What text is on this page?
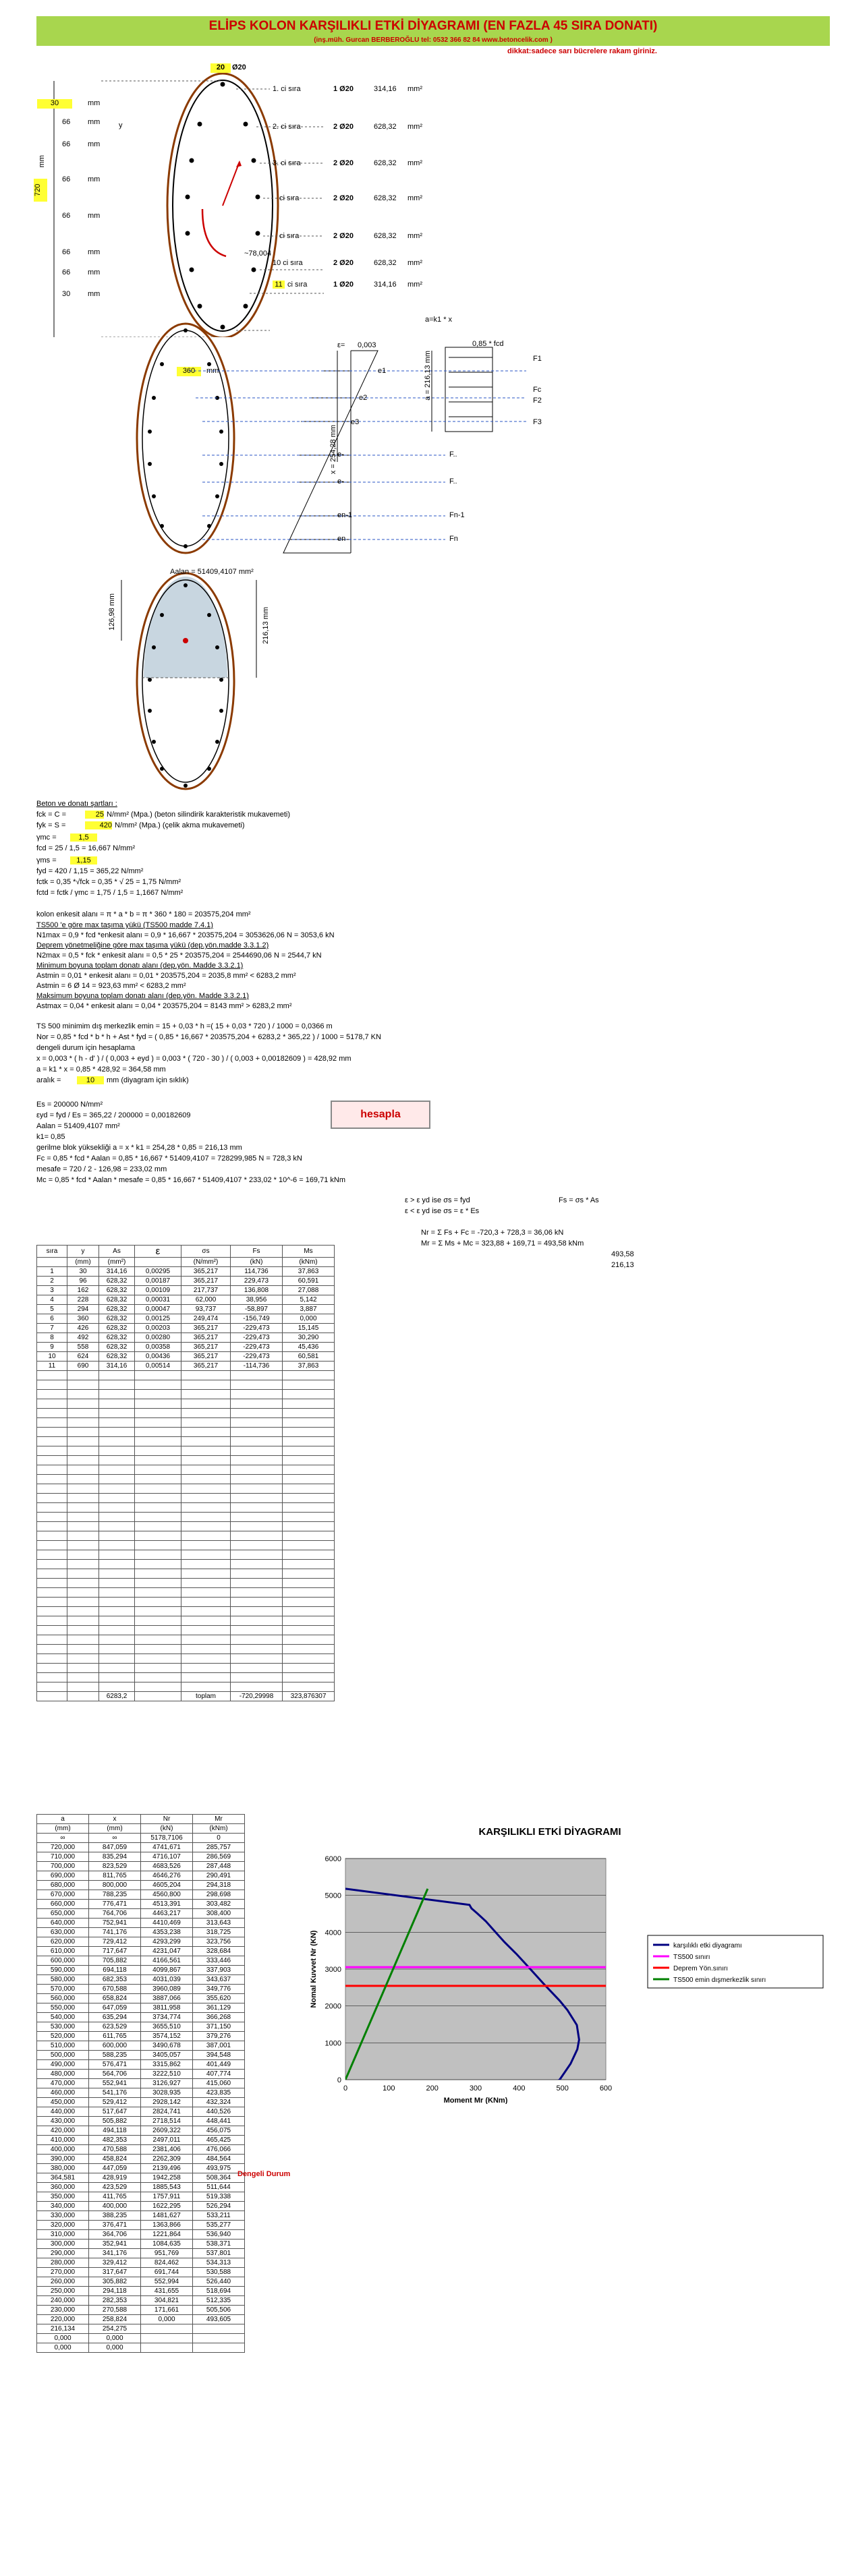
ELİPS KOLON KARŞILIKLI ETKİ DİYAGRAMI (EN FAZLA 45 SIRA DONATI)
(inş.müh. Gurcan BERBEROĞLU tel: 0532 366 82 84 www.betoncelik.com )
dikkat:sadece sarı bücrelere rakam giriniz.
20 Ø20
30	mm
66 mm	y
66 mm
66 mm
66 mm
66 mm
66 mm
30 mm
720
mm
360	mm
~78,004
1. ci sıra	1 Ø20	314,16 mm²
2. ci sıra	2 Ø20	628,32 mm²
3. ci sıra	2 Ø20	628,32 mm²
ci sıra	2 Ø20	628,32 mm²
ci sıra	2 Ø20	628,32 mm²
10 ci sıra	2 Ø20	628,32 mm²
11 ci sıra	1 Ø20	314,16 mm²
a=k1 * x
ε= 0,003	0,85 * fcd
x = 254,28 mm
a = 216,13 mm
e1
e2
e3
e-
e-
en-1
en
F1
Fc
F2
F3
F..
F..
Fn-1
Fn
Aalan = 51409,4107 mm²
126,98 mm	216,13 mm
Beton ve donatı şartları :
fck = C =	25 N/mm² (Mpa.) (beton silindirik karakteristik mukavemeti)
fyk = S =	420 N/mm² (Mpa.) (çelik akma mukavemeti)
γmc =	1,5
fcd = 25 / 1,5 = 16,667 N/mm²
γms =	1,15
fyd = 420 / 1,15 = 365,22 N/mm²
fctk = 0,35 *√fck = 0,35 * √ 25 = 1,75 N/mm²
fctd = fctk / γmc = 1,75 / 1,5 = 1,1667 N/mm²
kolon enkesit alanı = π * a * b = π * 360 * 180 = 203575,204 mm²
TS500 'e göre max taşıma yükü (TS500 madde 7.4.1)
N1max = 0,9 * fcd *enkesit alanı = 0,9 * 16,667 * 203575,204 = 3053626,06 N = 3053,6 kN
Deprem yönetmeliğine göre max taşıma yükü (dep.yön.madde 3.3.1.2)
N2max = 0,5 * fck * enkesit alanı = 0,5 * 25 * 203575,204 = 2544690,06 N = 2544,7 kN
Minimum boyuna toplam donatı alanı (dep.yön. Madde 3.3.2.1)
Astmin = 0,01 * enkesit alanı = 0,01 * 203575,204 = 2035,8 mm² < 6283,2 mm²
Astmin = 6 Ø 14 = 923,63 mm² < 6283,2 mm²
Maksimum boyuna toplam donatı alanı (dep.yön. Madde 3.3.2.1)
Astmax = 0,04 * enkesit alanı = 0,04 * 203575,204 = 8143 mm² > 6283,2 mm²
TS 500 minimim dış merkezlik emin = 15 + 0,03 * h =( 15 + 0,03 * 720 ) / 1000 = 0,0366 m
Nor = 0,85 * fcd * b * h + Ast * fyd = ( 0,85 * 16,667 * 203575,204 + 6283,2 * 365,22 ) / 1000 = 5178,7 KN
dengeli durum için hesaplama
x = 0,003 * ( h - d' ) / ( 0,003 + eyd ) = 0,003 * ( 720 - 30 ) / ( 0,003 + 0,00182609 ) = 428,92 mm
a = k1 * x = 0,85 * 428,92 = 364,58 mm
aralık =	10	mm (diyagram için sıklık)
Es = 200000 N/mm²
εyd = fyd / Es = 365,22 / 200000 = 0,00182609
Aalan = 51409,4107 mm²
k1= 0,85
gerilme blok yüksekliği a = x * k1 = 254,28 * 0,85 = 216,13 mm
Fc = 0,85 * fcd * Aalan = 0,85 * 16,667 * 51409,4107 = 728299,985 N = 728,3 kN
mesafe = 720 / 2 - 126,98 = 233,02 mm
Mc = 0,85 * fcd * Aalan * mesafe = 0,85 * 16,667 * 51409,4107 * 233,02 * 10^-6 = 169,71 kNm
hesapla
ε > ε yd ise σs = fyd
ε < ε yd ise σs = ε * Es
Fs = σs * As
Nr = Σ Fs + Fc = -720,3 + 728,3 = 36,06 kN
Mr = Σ Ms + Mc = 323,88 + 169,71 = 493,58 kNm
493,58
216,13
sıra	y	As	ε	σs	Fs	Ms
	(mm)	(mm²)		(N/mm²)	(kN)	(kNm)
1	30	314,16	0,00295	365,217	114,736	37,863
2	96	628,32	0,00187	365,217	229,473	60,591
3	162	628,32	0,00109	217,737	136,808	27,088
4	228	628,32	0,00031	62,000	38,956	5,142
5	294	628,32	0,00047	93,737	-58,897	3,887
6	360	628,32	0,00125	249,474	-156,749	0,000
7	426	628,32	0,00203	365,217	-229,473	15,145
8	492	628,32	0,00280	365,217	-229,473	30,290
9	558	628,32	0,00358	365,217	-229,473	45,436
10	624	628,32	0,00436	365,217	-229,473	60,581
11	690	314,16	0,00514	365,217	-114,736	37,863

		6283,2		toplam	-720,29998	323,876307
a	x	Nr	Mr
(mm)	(mm)	(kN)	(kNm)
∞	∞	5178,7106	0
720,000	847,059	4741,671	285,757
710,000	835,294	4716,107	286,569
700,000	823,529	4683,526	287,448
690,000	811,765	4646,276	290,491
680,000	800,000	4605,204	294,318
670,000	788,235	4560,800	298,698
660,000	776,471	4513,391	303,482
650,000	764,706	4463,217	308,400
640,000	752,941	4410,469	313,643
630,000	741,176	4353,238	318,725
620,000	729,412	4293,299	323,756
610,000	717,647	4231,047	328,684
600,000	705,882	4166,561	333,446
590,000	694,118	4099,867	337,903
580,000	682,353	4031,039	343,637
570,000	670,588	3960,089	349,776
560,000	658,824	3887,066	355,620
550,000	647,059	3811,958	361,129
540,000	635,294	3734,774	366,268
530,000	623,529	3655,510	371,150
520,000	611,765	3574,152	379,276
510,000	600,000	3490,678	387,001
500,000	588,235	3405,057	394,548
490,000	576,471	3315,862	401,449
480,000	564,706	3222,510	407,774
470,000	552,941	3126,927	415,060
460,000	541,176	3028,935	423,835
450,000	529,412	2928,142	432,324
440,000	517,647	2824,741	440,526
430,000	505,882	2718,514	448,441
420,000	494,118	2609,322	456,075
410,000	482,353	2497,011	465,425
400,000	470,588	2381,406	476,066
390,000	458,824	2262,309	484,564
380,000	447,059	2139,496	493,975
364,581	428,919	1942,258	508,364
360,000	423,529	1885,543	511,644
350,000	411,765	1757,911	519,338
340,000	400,000	1622,295	526,294
330,000	388,235	1481,627	533,211
320,000	376,471	1363,866	535,277
310,000	364,706	1221,864	536,940
300,000	352,941	1084,635	538,371
290,000	341,176	951,769	537,801
280,000	329,412	824,462	534,313
270,000	317,647	691,744	530,588
260,000	305,882	552,994	526,440
250,000	294,118	431,655	518,694
240,000	282,353	304,821	512,335
230,000	270,588	171,661	505,506
220,000	258,824	0,000	493,605
216,134	254,275		
0,000	0,000		
0,000	0,000		
Dengeli Durum
KARŞILIKLI ETKİ DİYAGRAMI
0
1000
2000
3000
4000
5000
6000
0	100	200	300	400	500	600
Moment Mr (KNm)
Nomal Kuvvet Nr (KN)	karşılıklı etki diyagramı
TS500 sınırı
Deprem Yön.sınırı
TS500 emin dışmerkezlik sınırı
